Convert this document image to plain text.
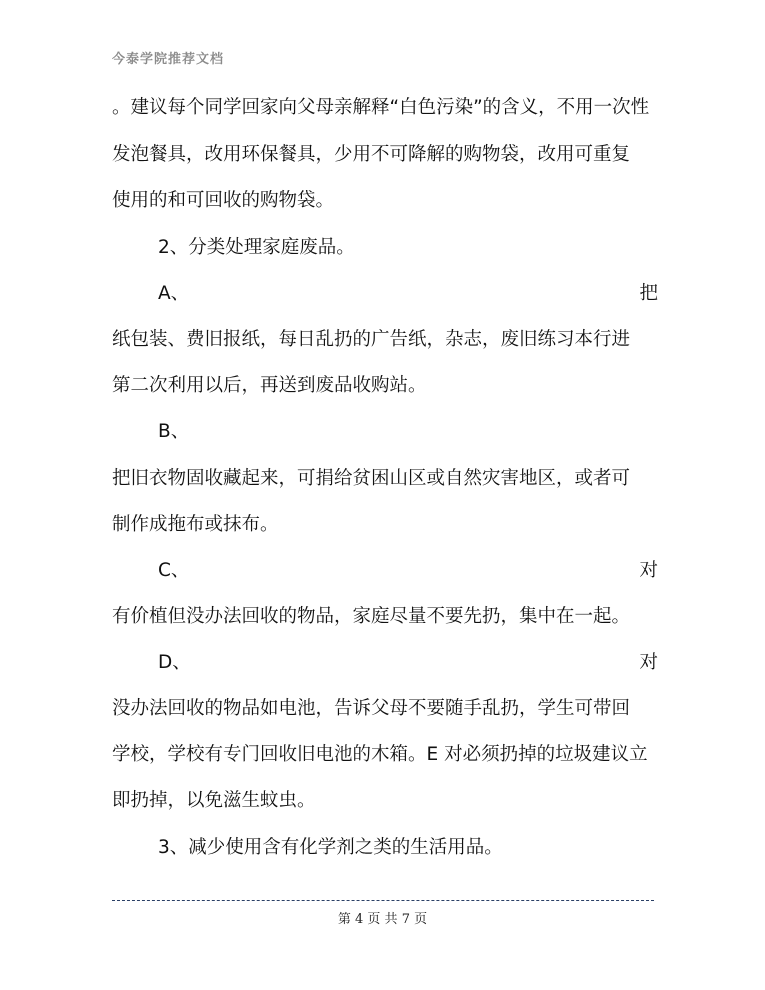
今泰学院推荐文档
。建议每个同学回家向父母亲解释“白色污染”的含义，不用一次性
发泡餐具，改用环保餐具，少用不可降解的购物袋，改用可重复
使用的和可回收的购物袋。
2、分类处理家庭废品。
A、	把
纸包装、费旧报纸，每日乱扔的广告纸，杂志，废旧练习本行进
第二次利用以后，再送到废品收购站。
B、
把旧衣物固收藏起来，可捐给贫困山区或自然灾害地区，或者可
制作成拖布或抹布。
C、	对
有价植但没办法回收的物品，家庭尽量不要先扔，集中在一起。
D、	对
没办法回收的物品如电池，告诉父母不要随手乱扔，学生可带回
学校，学校有专门回收旧电池的木箱。E 对必须扔掉的垃圾建议立
即扔掉，以免滋生蚊虫。
3、减少使用含有化学剂之类的生活用品。
第 4 页 共 7 页
